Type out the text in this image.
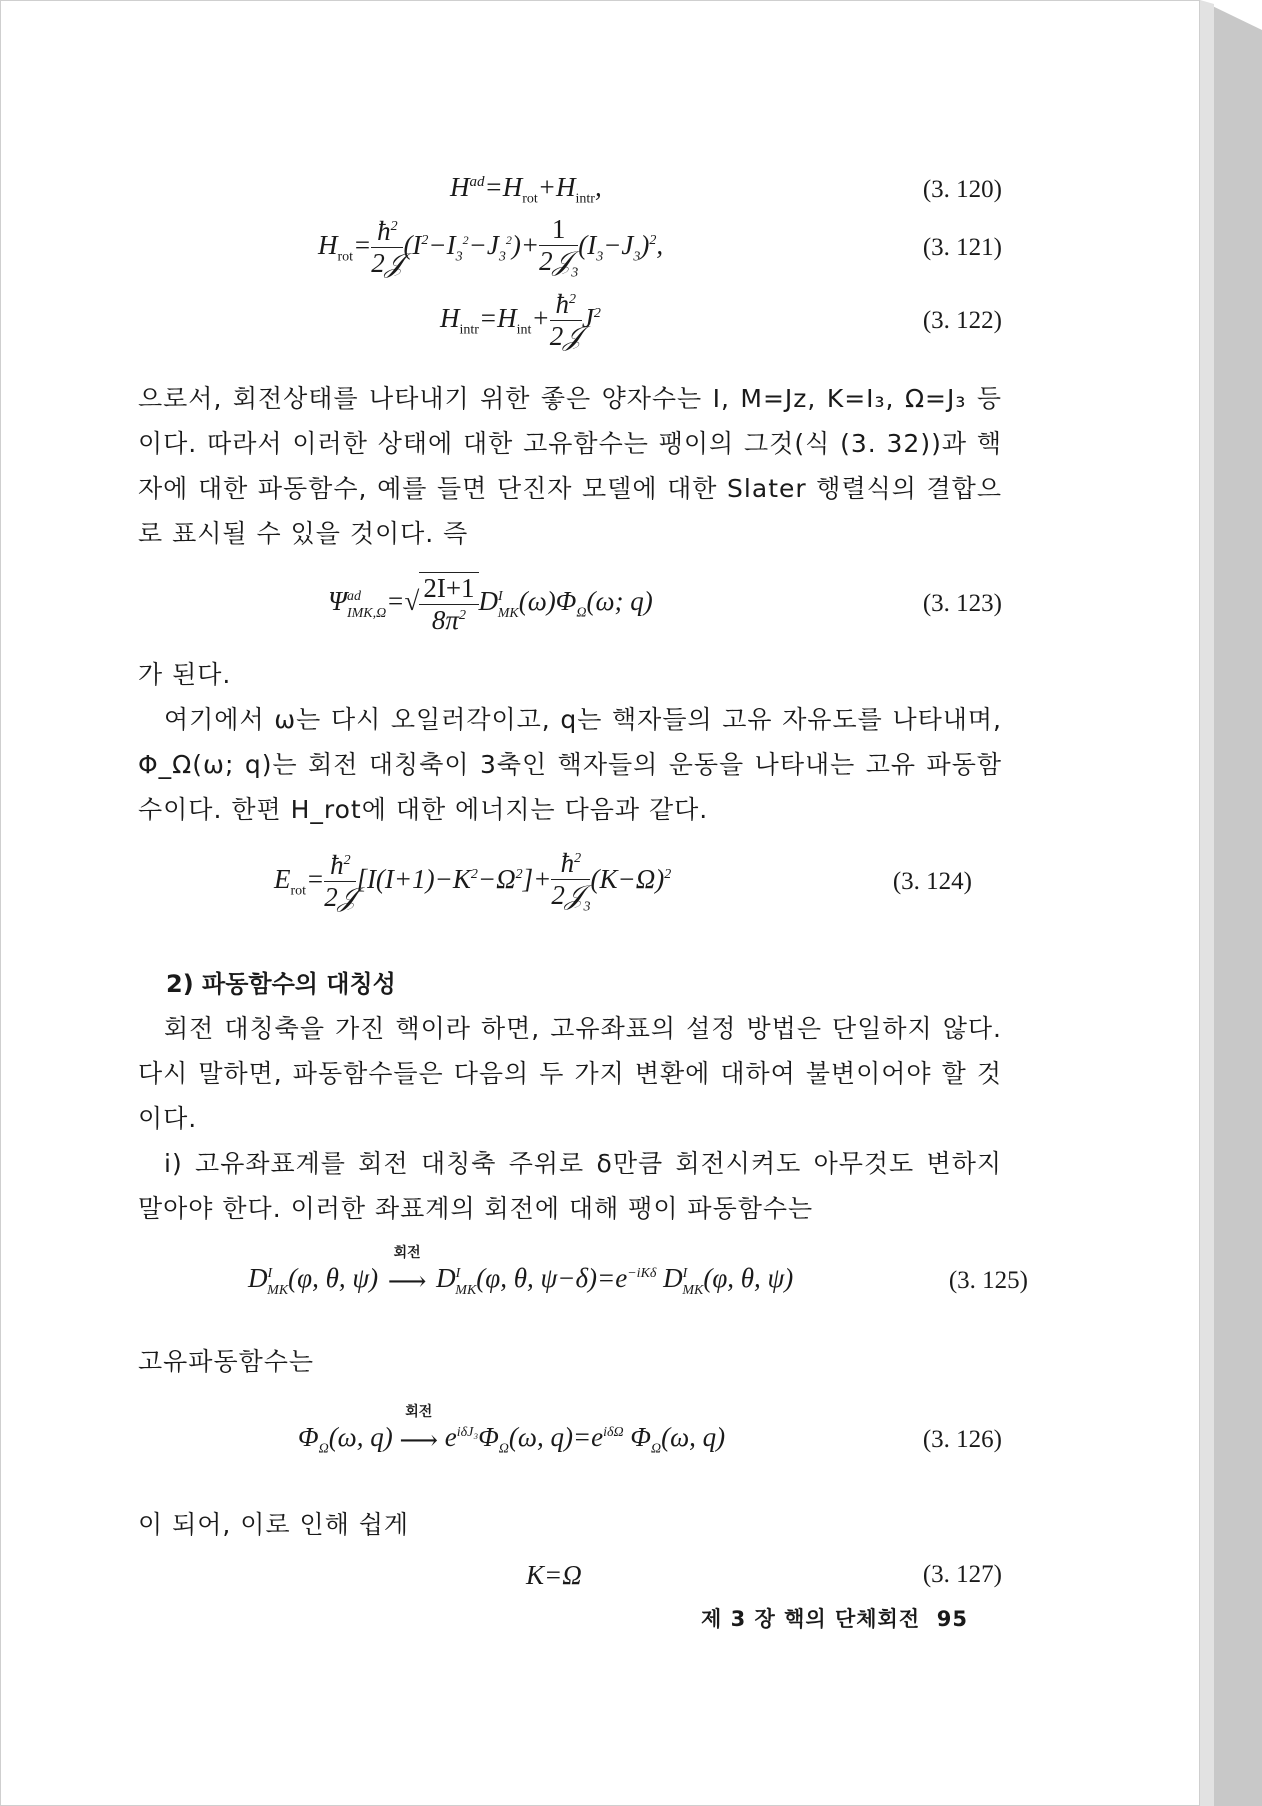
$H^{ad}=H_{rot}+H_{intr}$,	(3. 120)
$H_{rot}=$ $ħ^2$
2𝒥
$(I^2-I_3^2-J_3^2)+$
1
2𝒥$_3$
$(I_3-J_3)^2$,	(3. 121)
$H_{intr}=H_{int}+$ $ħ^2$
2𝒥
$J^2$	(3. 122)

으로서, 회전상태를 나타내기 위한 좋은 양자수는 I, M=Jz, K=I₃, Ω=J₃ 등이다. 따라서 이러한 상태에 대한 고유함수는 팽이의 그것(식 (3. 32))과 핵자에 대한 파동함수, 예를 들면 단진자 모델에 대한 Slater 행렬식의 결합으로 표시될 수 있을 것이다. 즉

$\Psi^{ad}_{IMK,\Omega}=√ \frac{2I+1}{8\pi^2} D^I_{MK}(\omega)\Phi_\Omega(\omega$; q)	(3. 123)

가 된다.

여기에서 ω는 다시 오일러각이고, q는 핵자들의 고유 자유도를 나타내며, Φ_Ω(ω; q)는 회전 대칭축이 3축인 핵자들의 운동을 나타내는 고유 파동함수이다. 한편 H_rot에 대한 에너지는 다음과 같다.

$E_{rot}=$ $ħ^2$
2𝒥
$[I(I+1)-K^2-\Omega^2]+$
$ħ^2$
2𝒥$_3$
$(K-\Omega)^2$	(3. 124)

2) 파동함수의 대칭성

회전 대칭축을 가진 핵이라 하면, 고유좌표의 설정 방법은 단일하지 않다. 다시 말하면, 파동함수들은 다음의 두 가지 변환에 대하여 불변이어야 할 것이다.

i) 고유좌표계를 회전 대칭축 주위로 δ만큼 회전시켜도 아무것도 변하지 말아야 한다. 이러한 좌표계의 회전에 대해 팽이 파동함수는

$D^I_{MK}(\varphi$, θ, ψ)
회전
⟶ $D^I_{MK}(\varphi$, θ, $\psi-\delta)=e^{-iK\delta}$ $D^I_{MK}(\varphi$, θ, ψ)	(3. 125)

고유파동함수는

$\Phi_\Omega(\omega$, q)
회전
⟶ $e^{i\delta J_3}\Phi_\Omega(\omega$, $q)=e^{i\delta\Omega}$ $\Phi_\Omega(\omega$, q)	(3. 126)

이 되어, 이로 인해 쉽게

K=Ω	(3. 127)
제 3 장 핵의 단체회전 95
